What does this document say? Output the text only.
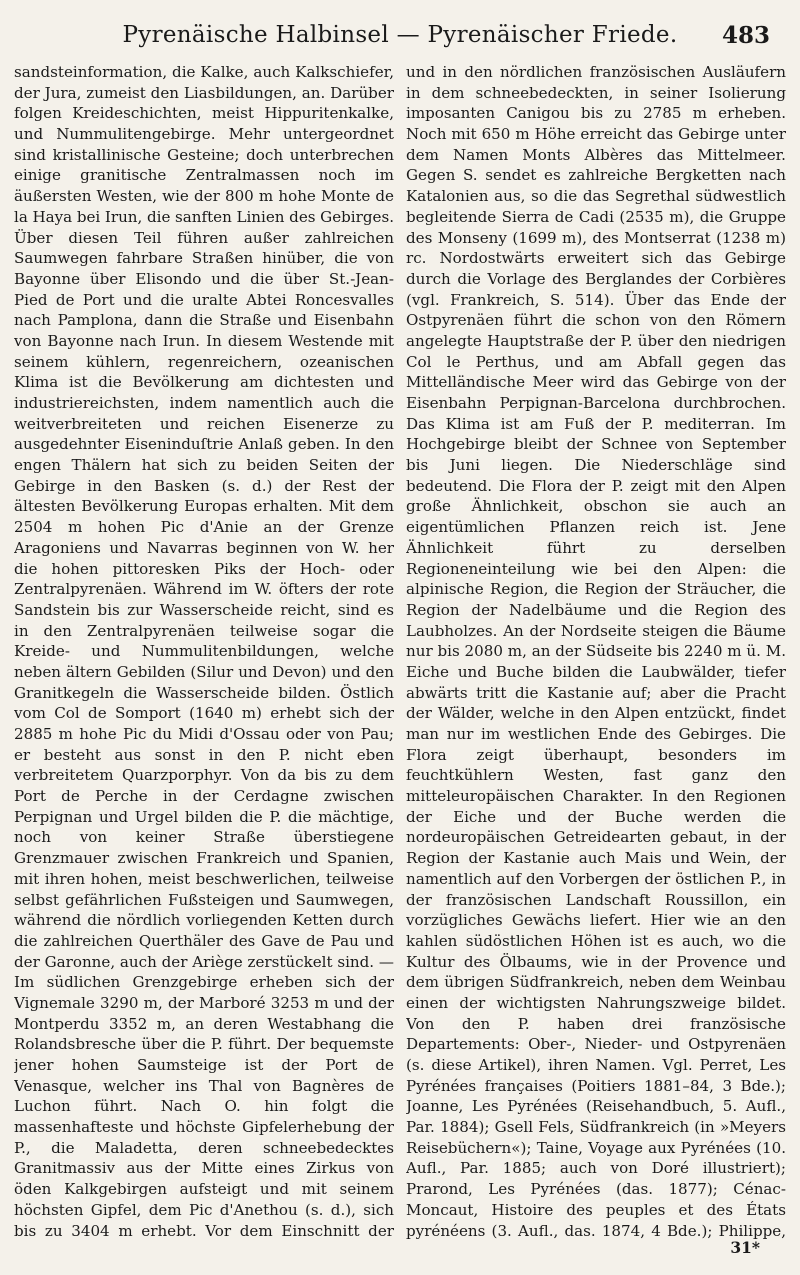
Pyrenäische Halbinsel — Pyrenäischer Friede.	483

sandsteinformation, die Kalke, auch Kalkschiefer, der Jura, zumeist den Liasbildungen, an. Darüber folgen Kreideschichten, meist Hippuritenkalke, und Nummulitengebirge. Mehr untergeordnet sind kristallinische Gesteine; doch unterbrechen einige granitische Zentralmassen noch im äußersten Westen, wie der 800 m hohe Monte de la Haya bei Irun, die sanften Linien des Gebirges. Über diesen Teil führen außer zahlreichen Saumwegen fahrbare Straßen hinüber, die von Bayonne über Elisondo und die über St.-Jean-Pied de Port und die uralte Abtei Roncesvalles nach Pamplona, dann die Straße und Eisenbahn von Bayonne nach Irun. In diesem Westende mit seinem kühlern, regenreichern, ozeanischen Klima ist die Bevölkerung am dichtesten und industriereichsten, indem namentlich auch die weitverbreiteten und reichen Eisenerze zu ausgedehnter Eiseninduſtrie Anlaß geben. In den engen Thälern hat sich zu beiden Seiten der Gebirge in den Basken (s. d.) der Rest der ältesten Bevölkerung Europas erhalten. Mit dem 2504 m hohen Pic d'Anie an der Grenze Aragoniens und Navarras beginnen von W. her die hohen pittoresken Piks der Hoch- oder Zentralpyrenäen. Während im W. öfters der rote Sandstein bis zur Wasserscheide reicht, sind es in den Zentralpyrenäen teilweise sogar die Kreide- und Nummulitenbildungen, welche neben ältern Gebilden (Silur und Devon) und den Granitkegeln die Wasserscheide bilden. Östlich vom Col de Somport (1640 m) erhebt sich der 2885 m hohe Pic du Midi d'Ossau oder von Pau; er besteht aus sonst in den P. nicht eben verbreitetem Quarzporphyr. Von da bis zu dem Port de Perche in der Cerdagne zwischen Perpignan und Urgel bilden die P. die mächtige, noch von keiner Straße überstiegene Grenzmauer zwischen Frankreich und Spanien, mit ihren hohen, meist beschwerlichen, teilweise selbst gefährlichen Fußsteigen und Saumwegen, während die nördlich vorliegenden Ketten durch die zahlreichen Querthäler des Gave de Pau und der Garonne, auch der Ariège zerstückelt sind. — Im südlichen Grenzgebirge erheben sich der Vignemale 3290 m, der Marboré 3253 m und der Montperdu 3352 m, an deren Westabhang die Rolandsbresche über die P. führt. Der bequemste jener hohen Saumsteige ist der Port de Venasque, welcher ins Thal von Bagnères de Luchon führt. Nach O. hin folgt die massenhafteste und höchste Gipfelerhebung der P., die Maladetta, deren schneebedecktes Granitmassiv aus der Mitte eines Zirkus von öden Kalkgebirgen aufsteigt und mit seinem höchsten Gipfel, dem Pic d'Anethou (s. d.), sich bis zu 3404 m erhebt. Vor dem Einschnitt der

und in den nördlichen französischen Ausläufern in dem schneebedeckten, in seiner Isolierung imposanten Canigou bis zu 2785 m erheben. Noch mit 650 m Höhe erreicht das Gebirge unter dem Namen Monts Albères das Mittelmeer. Gegen S. sendet es zahlreiche Bergketten nach Katalonien aus, so die das Segrethal südwestlich begleitende Sierra de Cadi (2535 m), die Gruppe des Monseny (1699 m), des Montserrat (1238 m) rc. Nordostwärts erweitert sich das Gebirge durch die Vorlage des Berglandes der Corbières (vgl. Frankreich, S. 514). Über das Ende der Ostpyrenäen führt die schon von den Römern angelegte Hauptstraße der P. über den niedrigen Col le Perthus, und am Abfall gegen das Mittelländische Meer wird das Gebirge von der Eisenbahn Perpignan-Barcelona durchbrochen. Das Klima ist am Fuß der P. mediterran. Im Hochgebirge bleibt der Schnee von September bis Juni liegen. Die Niederschläge sind bedeutend. Die Flora der P. zeigt mit den Alpen große Ähnlichkeit, obschon sie auch an eigentümlichen Pflanzen reich ist. Jene Ähnlichkeit führt zu derselben Regioneneinteilung wie bei den Alpen: die alpinische Region, die Region der Sträucher, die Region der Nadelbäume und die Region des Laubholzes. An der Nordseite steigen die Bäume nur bis 2080 m, an der Südseite bis 2240 m ü. M. Eiche und Buche bilden die Laubwälder, tiefer abwärts tritt die Kastanie auf; aber die Pracht der Wälder, welche in den Alpen entzückt, findet man nur im westlichen Ende des Gebirges. Die Flora zeigt überhaupt, besonders im feuchtkühlern Westen, fast ganz den mitteleuropäischen Charakter. In den Regionen der Eiche und der Buche werden die nordeuropäischen Getreidearten gebaut, in der Region der Kastanie auch Mais und Wein, der namentlich auf den Vorbergen der östlichen P., in der französischen Landschaft Roussillon, ein vorzügliches Gewächs liefert. Hier wie an den kahlen südöstlichen Höhen ist es auch, wo die Kultur des Ölbaums, wie in der Provence und dem übrigen Südfrankreich, neben dem Weinbau einen der wichtigsten Nahrungszweige bildet. Von den P. haben drei französische Departements: Ober-, Nieder- und Ostpyrenäen (s. diese Artikel), ihren Namen. Vgl. Perret, Les Pyrénées françaises (Poitiers 1881–84, 3 Bde.); Joanne, Les Pyrénées (Reisehandbuch, 5. Aufl., Par. 1884); Gsell Fels, Südfrankreich (in »Meyers Reisebüchern«); Taine, Voyage aux Pyrénées (10. Aufl., Par. 1885; auch von Doré illustriert); Prarond, Les Pyrénées (das. 1877); Cénac-Moncaut, Histoire des peuples et des États pyrénéens (3. Aufl., das. 1874, 4 Bde.); Philippe,

31*
